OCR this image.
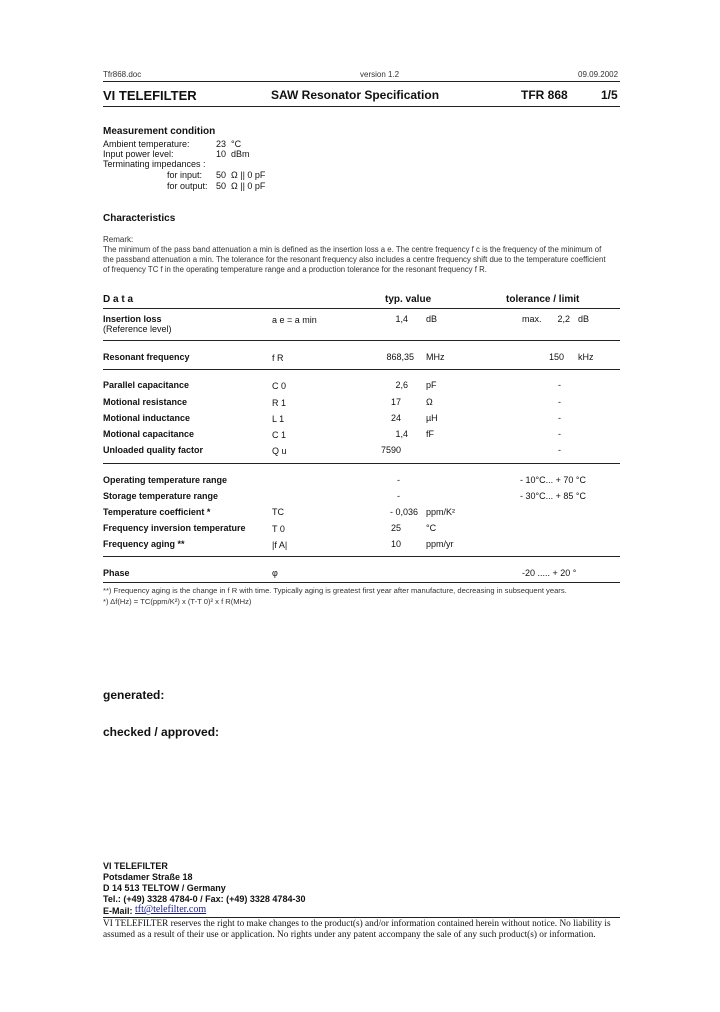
Tfr868.doc	version 1.2	09.09.2002
VI TELEFILTER	SAW Resonator Specification	TFR 868	1/5
Measurement condition
Ambient temperature:	23 °C
Input power level:	10 dBm
Terminating impedances :
for input:	50 Ω || 0 pF
for output: 50 Ω || 0 pF
Characteristics
Remark:
The minimum of the pass band attenuation a min is defined as the insertion loss a e. The centre frequency f c is the frequency of the minimum of
the passband attenuation a min. The tolerance for the resonant frequency also includes a centre frequency shift due to the temperature coefficient
of frequency TC f in the operating temperature range and a production tolerance for the resonant frequency f R.
D a t a	typ. value	tolerance / limit
Insertion loss
(Reference level)
a e = a min	1,4 dB	max.	2,2 dB
Resonant frequency	f R	868,35 MHz	150 kHz
Parallel capacitance	C 0	2,6 pF	-
Motional resistance	R 1	17	Ω	-
Motional inductance	L 1	24	µH	-
Motional capacitance	C 1	1,4 fF	-
Unloaded quality factor	Q u	7590	-
Operating temperature range	-	- 10°C... + 70 °C
Storage temperature range	-	- 30°C... + 85 °C
Temperature coefficient *	TC	- 0,036 ppm/K²
Frequency inversion temperature	T 0	25	°C
Frequency aging **	|f A|	10	ppm/yr
Phase	φ	-20 ..... + 20 °
**) Frequency aging is the change in f R with time. Typically aging is greatest first year after manufacture, decreasing in subsequent years.
*) Δf(Hz) = TC(ppm/K²) x (T-T 0)² x f R(MHz)
generated:
checked / approved:
VI TELEFILTER
Potsdamer Straße 18
D 14 513 TELTOW / Germany
Tel.: (+49) 3328 4784-0 / Fax: (+49) 3328 4784-30
E-Mail: tft@telefilter.com
VI TELEFILTER reserves the right to make changes to the product(s) and/or information contained herein without notice. No liability is
assumed as a result of their use or application. No rights under any patent accompany the sale of any such product(s) or information.
